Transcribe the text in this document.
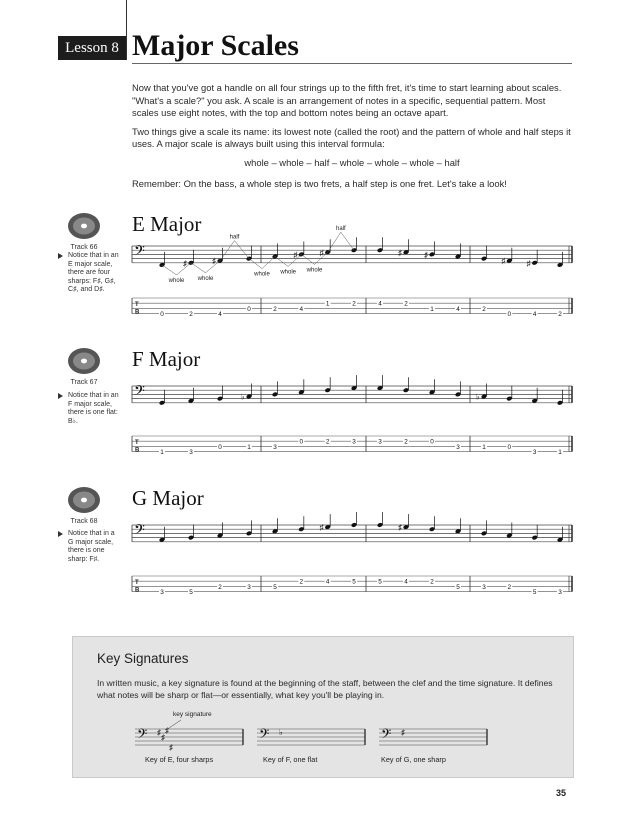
Lesson 8 Major Scales

Now that you've got a handle on all four strings up to the fifth fret, it's time to start learning about scales. "What's a scale?" you ask. A scale is an arrangement of notes in a specific, sequential pattern. Most scales use eight notes, with the top and bottom notes being an octave apart.

Two things give a scale its name: its lowest note (called the root) and the pattern of whole and half steps it uses. A major scale is always built using this interval formula:

whole – whole – half – whole – whole – whole – half

Remember: On the bass, a whole step is two frets, a half step is one fret. Let's take a look!

Track 66
E Major
Notice that in an E major scale, there are four sharps: F♯, G♯, C♯, and D♯.
Track 67
F Major
Notice that in an F major scale, there is one flat: B♭.
Track 68
G Major
Notice that in a G major scale, there is one sharp: F♯.
𝄢
T
B
♯	♯
♯	♯	♯	♯
♯	♯
0	2	4
0	2	4
1	2	4	2
1	4	2
0	4	2
whole whole
half
whole whole whole
half
𝄢
T
B
♭	♭
1	3
0	1	3
0	2	3	3	2	0
3	1	0
3	1
𝄢
T
B
♯	♯
3	5
2	3	5
2	4	5	5	4	2
5	3	2
5	3
Key Signatures
In written music, a key signature is found at the beginning of the staff, between the clef and the time signature. It defines what notes will be sharp or flat—or essentially, what key you'll be playing in.
key signature
𝄢 ♯
♯
♯
♯
𝄢 ♭	𝄢 ♯
Key of E, four sharps	Key of F, one flat	Key of G, one sharp
35
